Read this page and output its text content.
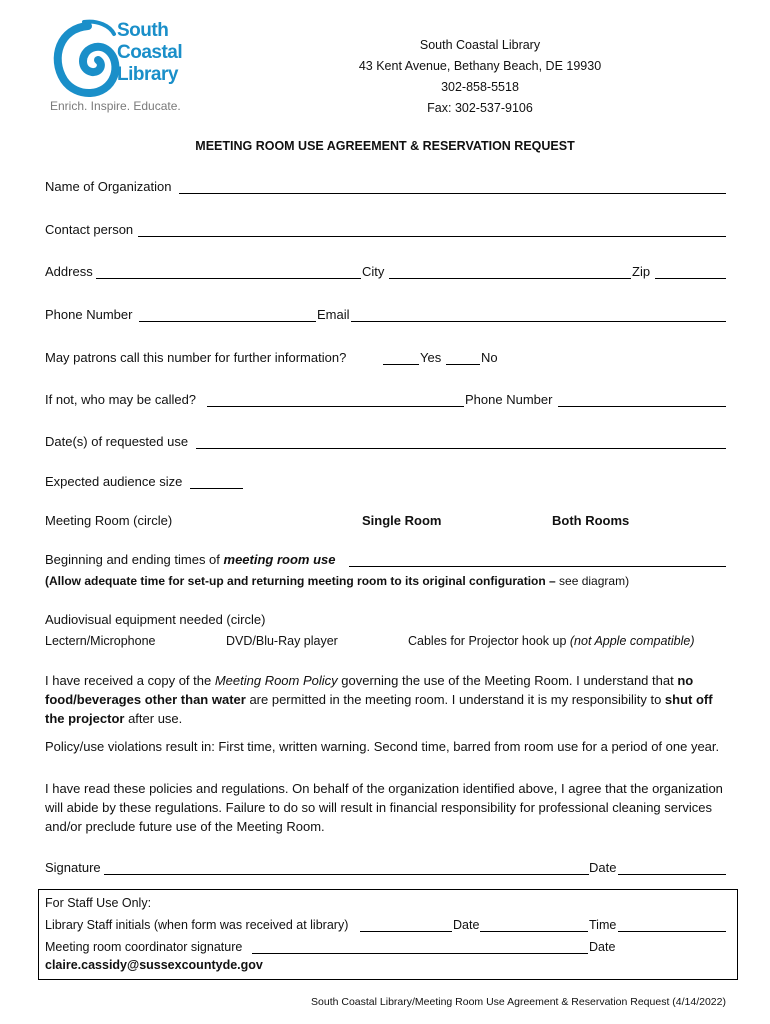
South
Coastal
Library
Enrich. Inspire. Educate.
South Coastal Library
43 Kent Avenue, Bethany Beach, DE 19930
302-858-5518
Fax: 302-537-9106
MEETING ROOM USE AGREEMENT & RESERVATION REQUEST
Name of Organization
Contact person
Address	City	Zip
Phone Number	Email
May patrons call this number for further information?	Yes	No
If not, who may be called?	Phone Number
Date(s) of requested use
Expected audience size
Meeting Room (circle)	Single Room	Both Rooms
Beginning and ending times of meeting room use
(Allow adequate time for set-up and returning meeting room to its original configuration – see diagram)
Audiovisual equipment needed (circle)
Lectern/Microphone	DVD/Blu-Ray player	Cables for Projector hook up (not Apple compatible)
I have received a copy of the Meeting Room Policy governing the use of the Meeting Room. I understand that no food/beverages other than water are permitted in the meeting room. I understand it is my responsibility to shut off the projector after use.
Policy/use violations result in: First time, written warning. Second time, barred from room use for a period of one year.
I have read these policies and regulations. On behalf of the organization identified above, I agree that the organization will abide by these regulations. Failure to do so will result in financial responsibility for professional cleaning services and/or preclude future use of the Meeting Room.
Signature	Date
For Staff Use Only:
Library Staff initials (when form was received at library)	Date	Time
Meeting room coordinator signature	Date
claire.cassidy@sussexcountyde.gov
South Coastal Library/Meeting Room Use Agreement & Reservation Request (4/14/2022)
